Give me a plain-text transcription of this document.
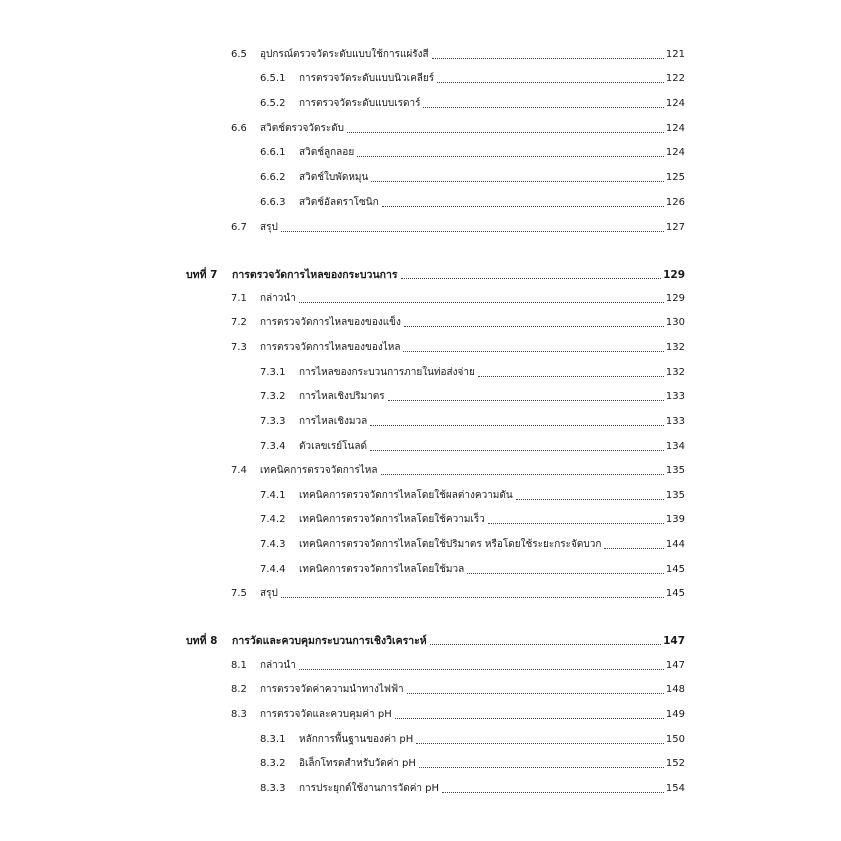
6.5 อุปกรณ์ตรวจวัดระดับแบบใช้การแผ่รังสี	121
6.5.1 การตรวจวัดระดับแบบนิวเคลียร์	122
6.5.2 การตรวจวัดระดับแบบเรดาร์	124
6.6 สวิตช์ตรวจวัดระดับ	124
6.6.1 สวิตช์ลูกลอย	124
6.6.2 สวิตช์ใบพัดหมุน	125
6.6.3 สวิตช์อัลตราโซนิก	126
6.7 สรุป	127
บทที่ 7 การตรวจวัดการไหลของกระบวนการ	129
7.1 กล่าวนำ	129
7.2 การตรวจวัดการไหลของของแข็ง	130
7.3 การตรวจวัดการไหลของของไหล	132
7.3.1 การไหลของกระบวนการภายในท่อส่งจ่าย	132
7.3.2 การไหลเชิงปริมาตร	133
7.3.3 การไหลเชิงมวล	133
7.3.4 ตัวเลขเรย์โนลด์	134
7.4 เทคนิคการตรวจวัดการไหล	135
7.4.1 เทคนิคการตรวจวัดการไหลโดยใช้ผลต่างความดัน	135
7.4.2 เทคนิคการตรวจวัดการไหลโดยใช้ความเร็ว	139
7.4.3 เทคนิคการตรวจวัดการไหลโดยใช้ปริมาตร หรือโดยใช้ระยะกระจัดบวก	144
7.4.4 เทคนิคการตรวจวัดการไหลโดยใช้มวล	145
7.5 สรุป	145
บทที่ 8 การวัดและควบคุมกระบวนการเชิงวิเคราะห์	147
8.1 กล่าวนำ	147
8.2 การตรวจวัดค่าความนำทางไฟฟ้า	148
8.3 การตรวจวัดและควบคุมค่า pH	149
8.3.1 หลักการพื้นฐานของค่า pH	150
8.3.2 อิเล็กโทรดสำหรับวัดค่า pH	152
8.3.3 การประยุกต์ใช้งานการวัดค่า pH	154
